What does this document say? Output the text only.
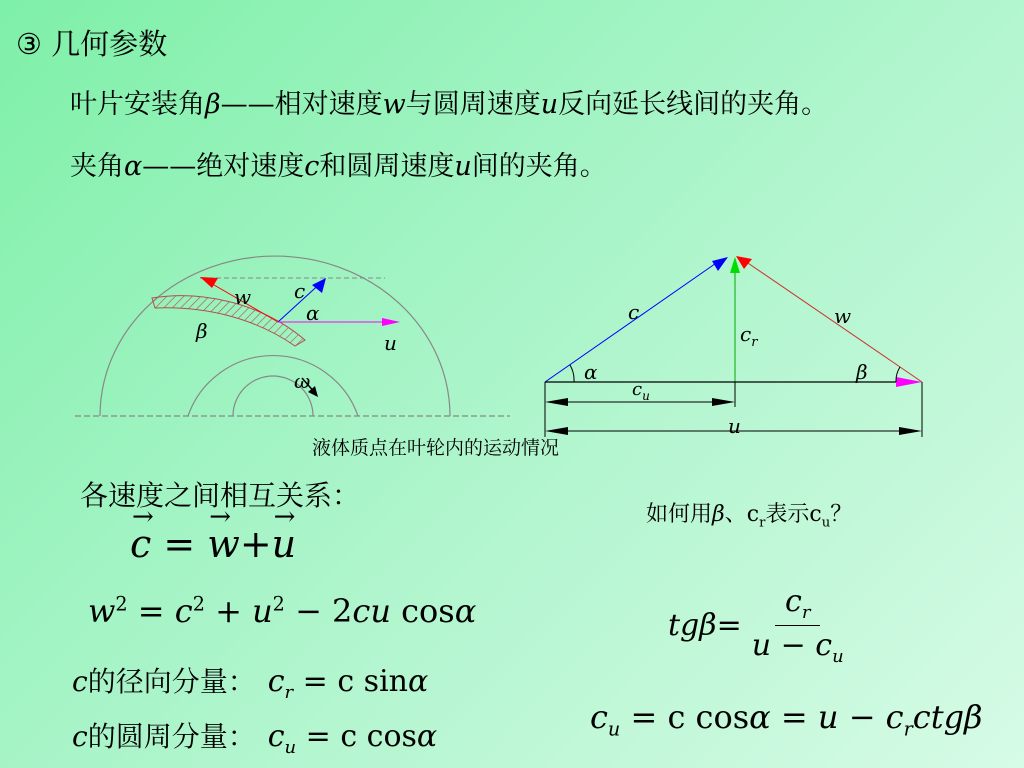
③ 几何参数
叶片安装角β——相对速度w与圆周速度u反向延长线间的夹角。
夹角α——绝对速度c和圆周速度u间的夹角。
w c
α
β	u
ω
c	w
$c_r$
α	β
$c_u$
u
液体质点在叶轮内的运动情况
各速度之间相互关系：
如何用β、$c_r$表示$c_u$？
→ c = → w+→ u
$w^2 = c^2 + u^2 - 2cu$ cosα
c的径向分量： $c_r = c$ sinα
c的圆周分量： $c_u = c$ cosα
$tg\beta = \frac{c_r}{u - c_u}$
$c_u = c$ $\cos\alpha = u - c_rctg\beta$
